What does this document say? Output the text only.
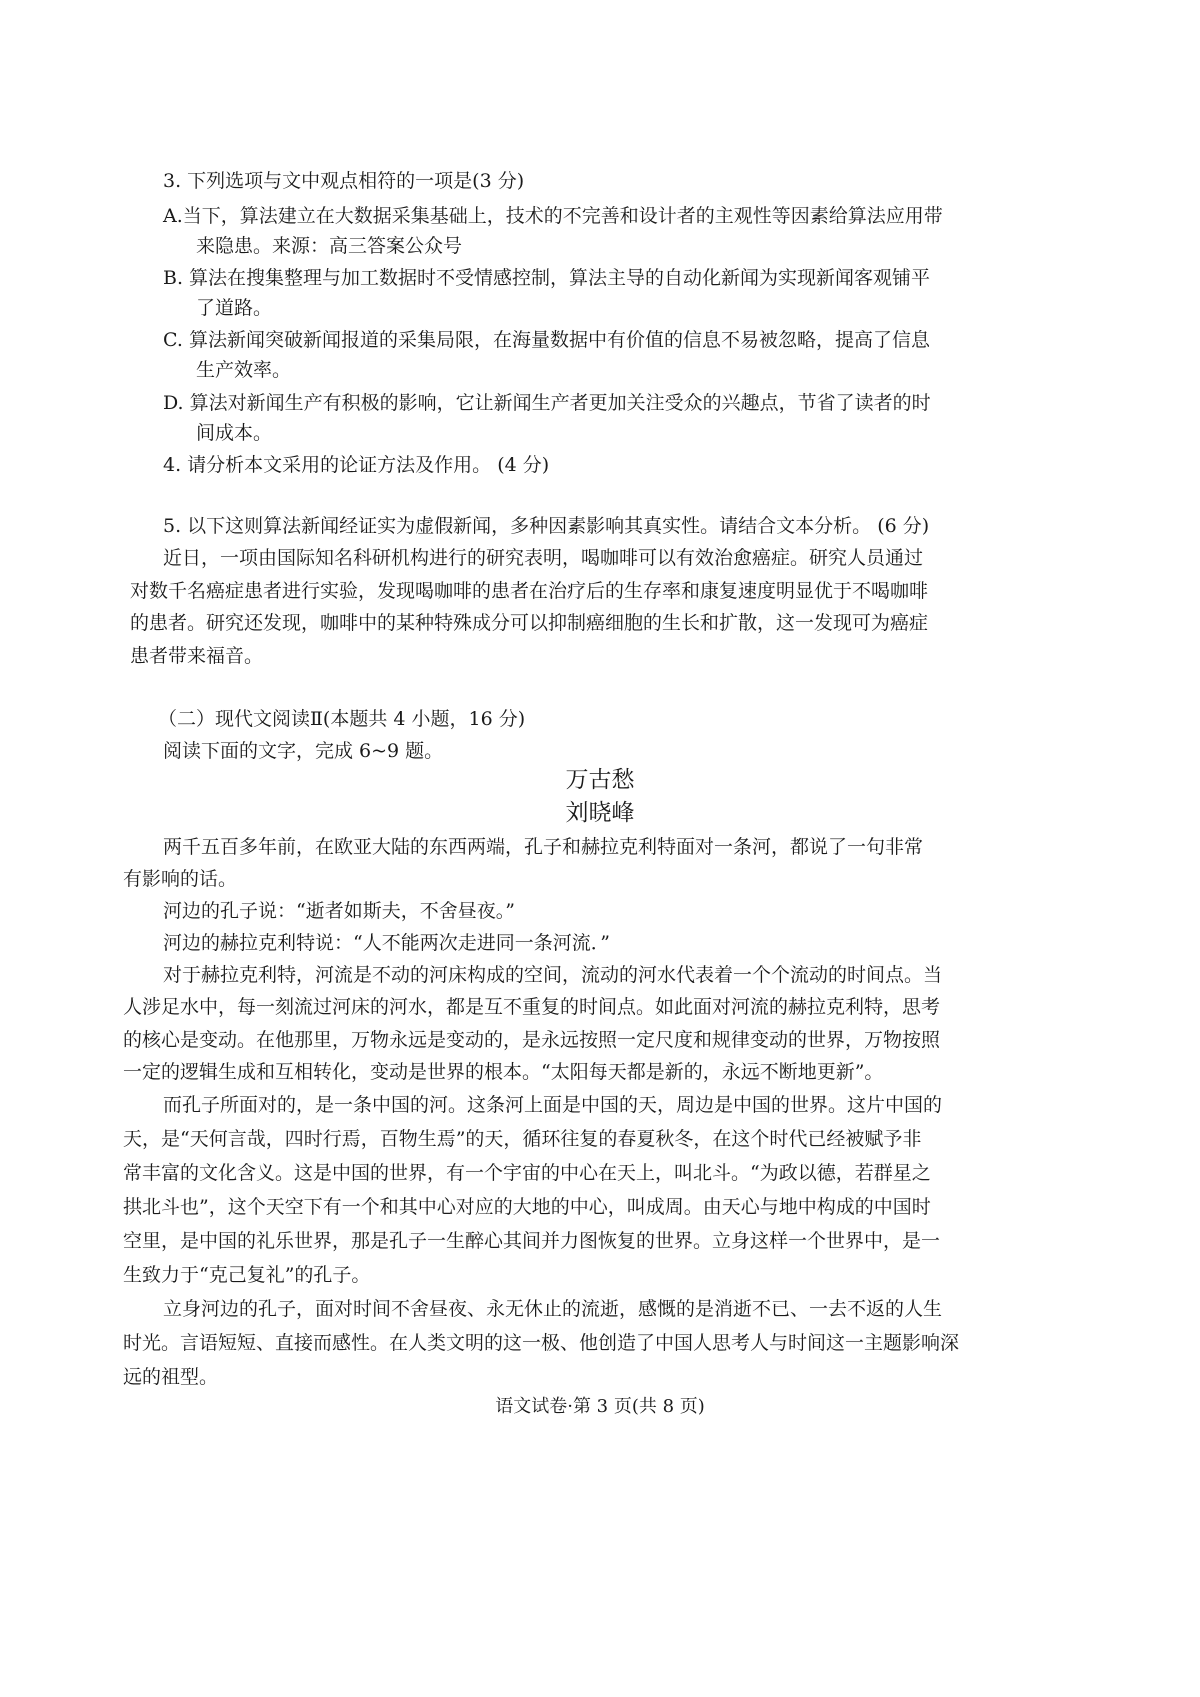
3. 下列选项与文中观点相符的一项是(3 分)

A.当下，算法建立在大数据采集基础上，技术的不完善和设计者的主观性等因素给算法应用带

来隐患。来源：高三答案公众号

B. 算法在搜集整理与加工数据时不受情感控制，算法主导的自动化新闻为实现新闻客观铺平

了道路。

C. 算法新闻突破新闻报道的采集局限，在海量数据中有价值的信息不易被忽略，提高了信息

生产效率。

D. 算法对新闻生产有积极的影响，它让新闻生产者更加关注受众的兴趣点，节省了读者的时

间成本。

4. 请分析本文采用的论证方法及作用。 (4 分)

5. 以下这则算法新闻经证实为虚假新闻，多种因素影响其真实性。请结合文本分析。 (6 分)

近日，一项由国际知名科研机构进行的研究表明，喝咖啡可以有效治愈癌症。研究人员通过

对数千名癌症患者进行实验，发现喝咖啡的患者在治疗后的生存率和康复速度明显优于不喝咖啡

的患者。研究还发现，咖啡中的某种特殊成分可以抑制癌细胞的生长和扩散，这一发现可为癌症

患者带来福音。

（二）现代文阅读Ⅱ(本题共 4 小题，16 分)

阅读下面的文字，完成 6~9 题。

万古愁

刘晓峰

两千五百多年前，在欧亚大陆的东西两端，孔子和赫拉克利特面对一条河，都说了一句非常

有影响的话。

河边的孔子说：“逝者如斯夫，不舍昼夜。”

河边的赫拉克利特说：“人不能两次走进同一条河流．”

对于赫拉克利特，河流是不动的河床构成的空间，流动的河水代表着一个个流动的时间点。当

人涉足水中，每一刻流过河床的河水，都是互不重复的时间点。如此面对河流的赫拉克利特，思考

的核心是变动。在他那里，万物永远是变动的，是永远按照一定尺度和规律变动的世界，万物按照

一定的逻辑生成和互相转化，变动是世界的根本。“太阳每天都是新的，永远不断地更新”。

而孔子所面对的，是一条中国的河。这条河上面是中国的天，周边是中国的世界。这片中国的

天，是“天何言哉，四时行焉，百物生焉”的天，循环往复的春夏秋冬，在这个时代已经被赋予非

常丰富的文化含义。这是中国的世界，有一个宇宙的中心在天上，叫北斗。“为政以德，若群星之

拱北斗也”，这个天空下有一个和其中心对应的大地的中心，叫成周。由天心与地中构成的中国时

空里，是中国的礼乐世界，那是孔子一生醉心其间并力图恢复的世界。立身这样一个世界中，是一

生致力于“克己复礼”的孔子。

立身河边的孔子，面对时间不舍昼夜、永无休止的流逝，感慨的是消逝不已、一去不返的人生

时光。言语短短、直接而感性。在人类文明的这一极、他创造了中国人思考人与时间这一主题影响深

远的祖型。

语文试卷·第 3 页(共 8 页)
